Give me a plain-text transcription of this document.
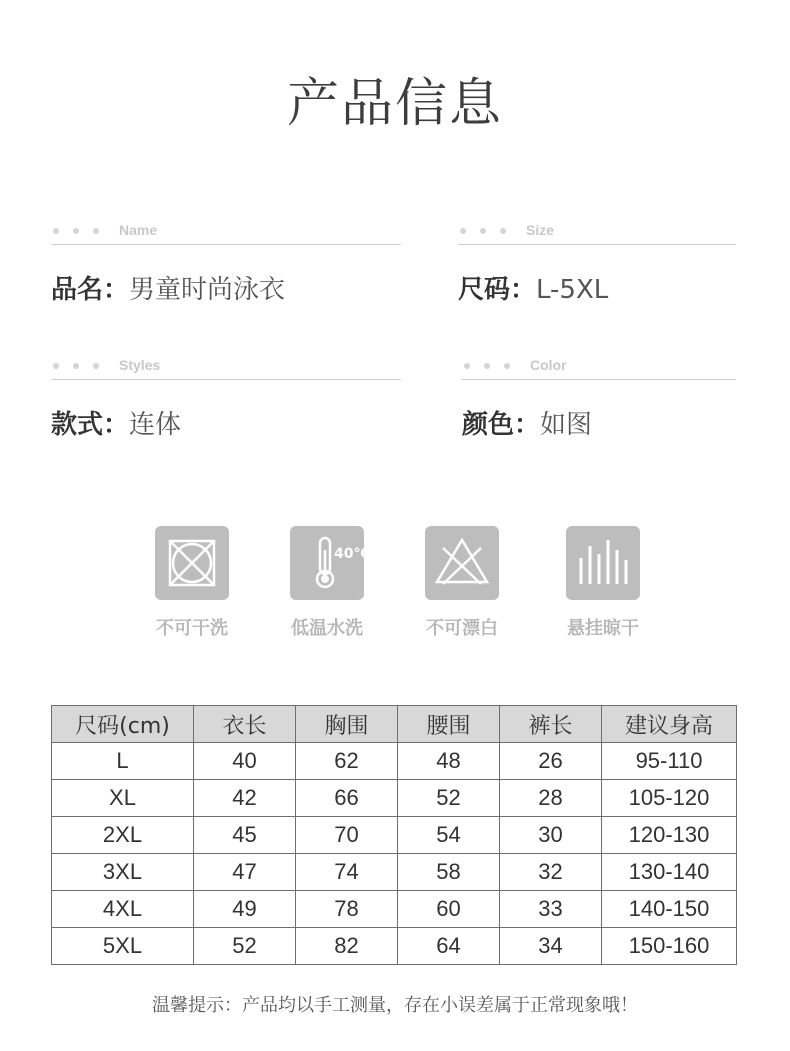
产品信息
Name
品名：男童时尚泳衣
Size
尺码：L-5XL
Styles
款式：连体
Color
颜色：如图
不可干洗
40℃
低温水洗	不可漂白	悬挂晾干
尺码(cm)	衣长	胸围	腰围	裤长	建议身高
L	40	62	48	26	95-110
XL	42	66	52	28	105-120
2XL	45	70	54	30	120-130
3XL	47	74	58	32	130-140
4XL	49	78	60	33	140-150
5XL	52	82	64	34	150-160
温馨提示：产品均以手工测量，存在小误差属于正常现象哦！
